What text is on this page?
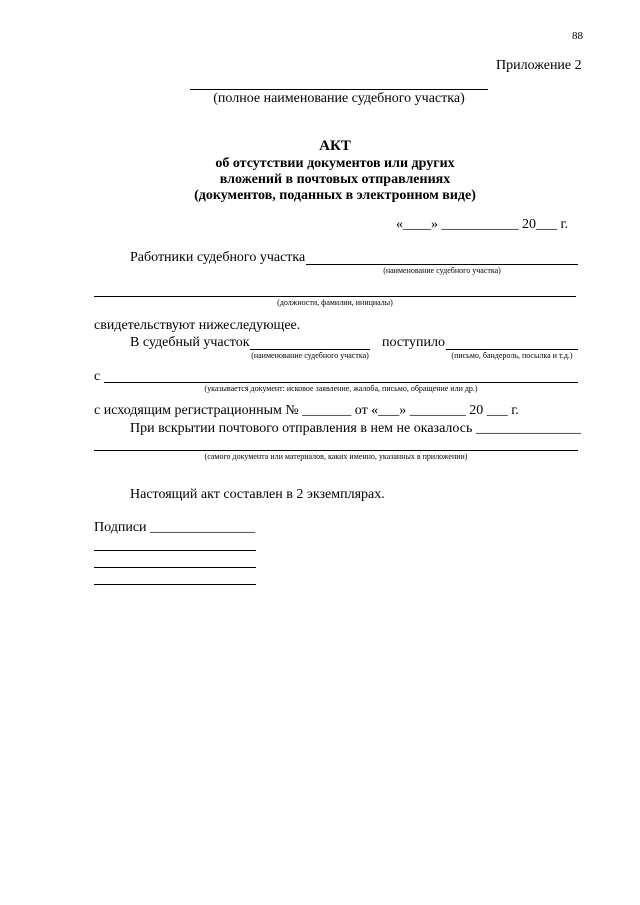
88
Приложение 2
(полное наименование судебного участка)
АКТ
об отсутствии документов или других
вложений в почтовых отправлениях
(документов, поданных в электронном виде)
«____» ___________ 20___ г.
Работники судебного участка
(наименование судебного участка)
(должности, фамилии, инициалы)
свидетельствуют нижеследующее.
В судебный участок	поступило
(наименование судебного участка)	(письмо, бандероль, посылка и т.д.)
с
(указывается документ: исковое заявление, жалоба, письмо, обращение или др.)
с исходящим регистрационным № _______ от «___» ________ 20 ___ г.
При вскрытии почтового отправления в нем не оказалось _______________
(самого документа или материалов, каких именно, указанных в приложении)
Настоящий акт составлен в 2 экземплярах.
Подписи _______________
